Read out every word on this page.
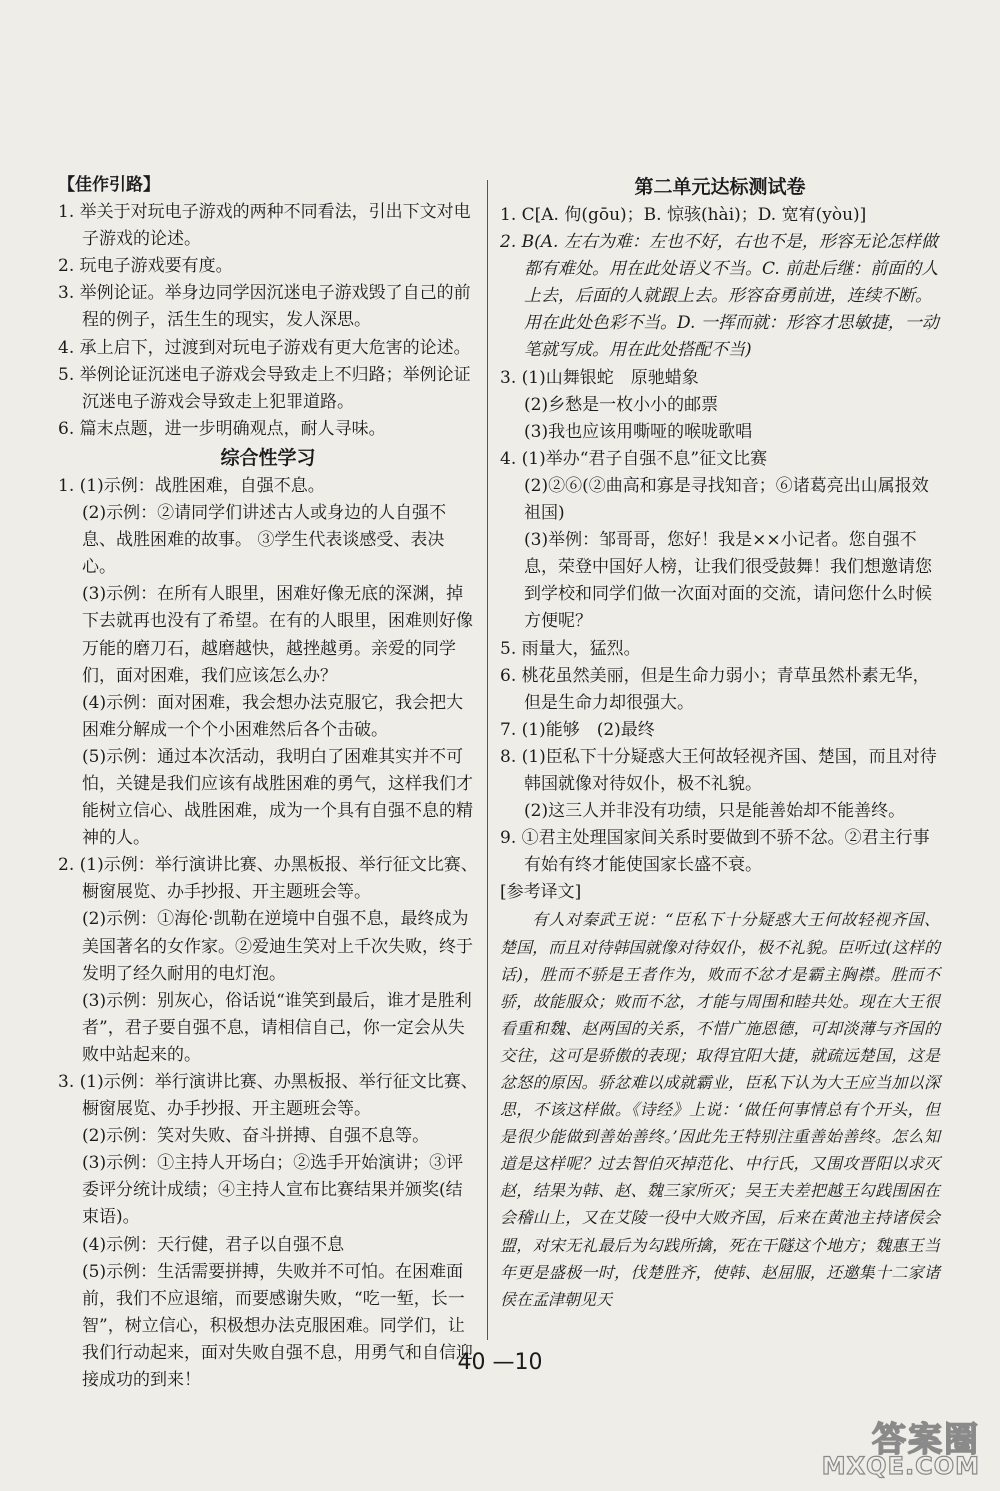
【佳作引路】

1. 举关于对玩电子游戏的两种不同看法，引出下文对电子游戏的论述。

2. 玩电子游戏要有度。

3. 举例论证。举身边同学因沉迷电子游戏毁了自己的前程的例子，活生生的现实，发人深思。

4. 承上启下，过渡到对玩电子游戏有更大危害的论述。

5. 举例论证沉迷电子游戏会导致走上不归路；举例论证沉迷电子游戏会导致走上犯罪道路。

6. 篇末点题，进一步明确观点，耐人寻味。

综合性学习

1. (1)示例：战胜困难，自强不息。

(2)示例：②请同学们讲述古人或身边的人自强不息、战胜困难的故事。 ③学生代表谈感受、表决心。

(3)示例：在所有人眼里，困难好像无底的深渊，掉下去就再也没有了希望。在有的人眼里，困难则好像万能的磨刀石，越磨越快，越挫越勇。亲爱的同学们，面对困难，我们应该怎么办？

(4)示例：面对困难，我会想办法克服它，我会把大困难分解成一个个小困难然后各个击破。

(5)示例：通过本次活动，我明白了困难其实并不可怕，关键是我们应该有战胜困难的勇气，这样我们才能树立信心、战胜困难，成为一个具有自强不息的精神的人。

2. (1)示例：举行演讲比赛、办黑板报、举行征文比赛、橱窗展览、办手抄报、开主题班会等。

(2)示例：①海伦·凯勒在逆境中自强不息，最终成为美国著名的女作家。②爱迪生笑对上千次失败，终于发明了经久耐用的电灯泡。

(3)示例：别灰心，俗话说“谁笑到最后，谁才是胜利者”，君子要自强不息，请相信自己，你一定会从失败中站起来的。

3. (1)示例：举行演讲比赛、办黑板报、举行征文比赛、橱窗展览、办手抄报、开主题班会等。

(2)示例：笑对失败、奋斗拼搏、自强不息等。

(3)示例：①主持人开场白；②选手开始演讲；③评委评分统计成绩；④主持人宣布比赛结果并颁奖(结束语)。

(4)示例：天行健，君子以自强不息

(5)示例：生活需要拼搏，失败并不可怕。在困难面前，我们不应退缩，而要感谢失败，“吃一堑，长一智”，树立信心，积极想办法克服困难。同学们，让我们行动起来，面对失败自强不息，用勇气和自信迎接成功的到来！

第二单元达标测试卷

1. C[A. 佝(gōu)；B. 惊骇(hài)；D. 宽宥(yòu)]

2. B(A. 左右为难：左也不好，右也不是，形容无论怎样做都有难处。用在此处语义不当。C. 前赴后继：前面的人上去，后面的人就跟上去。形容奋勇前进，连续不断。用在此处色彩不当。D. 一挥而就：形容才思敏捷，一动笔就写成。用在此处搭配不当)

3. (1)山舞银蛇　原驰蜡象

(2)乡愁是一枚小小的邮票

(3)我也应该用嘶哑的喉咙歌唱

4. (1)举办“君子自强不息”征文比赛

(2)②⑥(②曲高和寡是寻找知音；⑥诸葛亮出山属报效祖国)

(3)举例：邹哥哥，您好！我是××小记者。您自强不息，荣登中国好人榜，让我们很受鼓舞！我们想邀请您到学校和同学们做一次面对面的交流，请问您什么时候方便呢？

5. 雨量大，猛烈。

6. 桃花虽然美丽，但是生命力弱小；青草虽然朴素无华，但是生命力却很强大。

7. (1)能够　(2)最终

8. (1)臣私下十分疑惑大王何故轻视齐国、楚国，而且对待韩国就像对待奴仆，极不礼貌。

(2)这三人并非没有功绩，只是能善始却不能善终。

9. ①君主处理国家间关系时要做到不骄不忿。②君主行事有始有终才能使国家长盛不衰。

[参考译文]

有人对秦武王说：“臣私下十分疑惑大王何故轻视齐国、楚国，而且对待韩国就像对待奴仆，极不礼貌。臣听过(这样的话)，胜而不骄是王者作为，败而不忿才是霸主胸襟。胜而不骄，故能服众；败而不忿，才能与周围和睦共处。现在大王很看重和魏、赵两国的关系，不惜广施恩德，可却淡薄与齐国的交往，这可是骄傲的表现；取得宜阳大捷，就疏远楚国，这是忿怒的原因。骄忿难以成就霸业，臣私下认为大王应当加以深思，不该这样做。《诗经》上说：‘做任何事情总有个开头，但是很少能做到善始善终。’因此先王特别注重善始善终。怎么知道是这样呢？过去智伯灭掉范化、中行氏，又围攻晋阳以求灭赵，结果为韩、赵、魏三家所灭；吴王夫差把越王勾践围困在会稽山上，又在艾陵一役中大败齐国，后来在黄池主持诸侯会盟，对宋无礼最后为勾践所擒，死在干隧这个地方；魏惠王当年更是盛极一时，伐楚胜齐，使韩、赵屈服，还邀集十二家诸侯在孟津朝见天

40 —10
答案圈
MXQE.COM
